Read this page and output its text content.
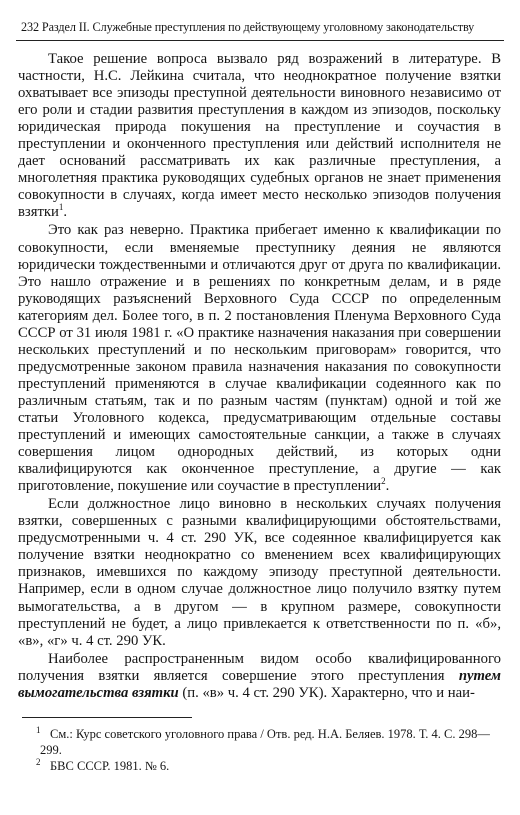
232 Раздел II. Служебные преступления по действующему уголовному законодательству

Такое решение вопроса вызвало ряд возражений в литературе. В частности, Н.С. Лейкина считала, что неоднократное получение взятки охватывает все эпизоды преступной деятельности виновного независимо от его роли и стадии развития преступления в каждом из эпизодов, поскольку юридическая природа покушения на преступление и соучастия в преступлении и оконченного преступления или действий исполнителя не дает оснований рассматривать их как различные преступления, а многолетняя практика руководящих судебных органов не знает применения совокупности в случаях, когда имеет место несколько эпизодов получения взятки$^1$.

Это как раз неверно. Практика прибегает именно к квалификации по совокупности, если вменяемые преступнику деяния не являются юридически тождественными и отличаются друг от друга по квалификации. Это нашло отражение и в решениях по конкретным делам, и в ряде руководящих разъяснений Верховного Суда СССР по определенным категориям дел. Более того, в п. 2 постановления Пленума Верховного Суда СССР от 31 июля 1981 г. «О практике назначения наказания при совершении нескольких преступлений и по нескольким приговорам» говорится, что предусмотренные законом правила назначения наказания по совокупности преступлений применяются в случае квалификации содеянного как по различным статьям, так и по разным частям (пунктам) одной и той же статьи Уголовного кодекса, предусматривающим отдельные составы преступлений и имеющих самостоятельные санкции, а также в случаях совершения лицом однородных действий, из которых одни квалифицируются как оконченное преступление, а другие — как приготовление, покушение или соучастие в преступлении$^2$.

Если должностное лицо виновно в нескольких случаях получения взятки, совершенных с разными квалифицирующими обстоятельствами, предусмотренными ч. 4 ст. 290 УК, все содеянное квалифицируется как получение взятки неоднократно со вменением всех квалифицирующих признаков, имевшихся по каждому эпизоду преступной деятельности. Например, если в одном случае должностное лицо получило взятку путем вымогательства, а в другом — в крупном размере, совокупности преступлений не будет, а лицо привлекается к ответственности по п. «б», «в», «г» ч. 4 ст. 290 УК.

Наиболее распространенным видом особо квалифицированного получения взятки является совершение этого преступления путем вымогательства взятки (п. «в» ч. 4 ст. 290 УК). Характерно, что и наи-

1 См.: Курс советского уголовного права / Отв. ред. Н.А. Беляев. 1978. Т. 4. С. 298—299.

2 БВС СССР. 1981. № 6.
